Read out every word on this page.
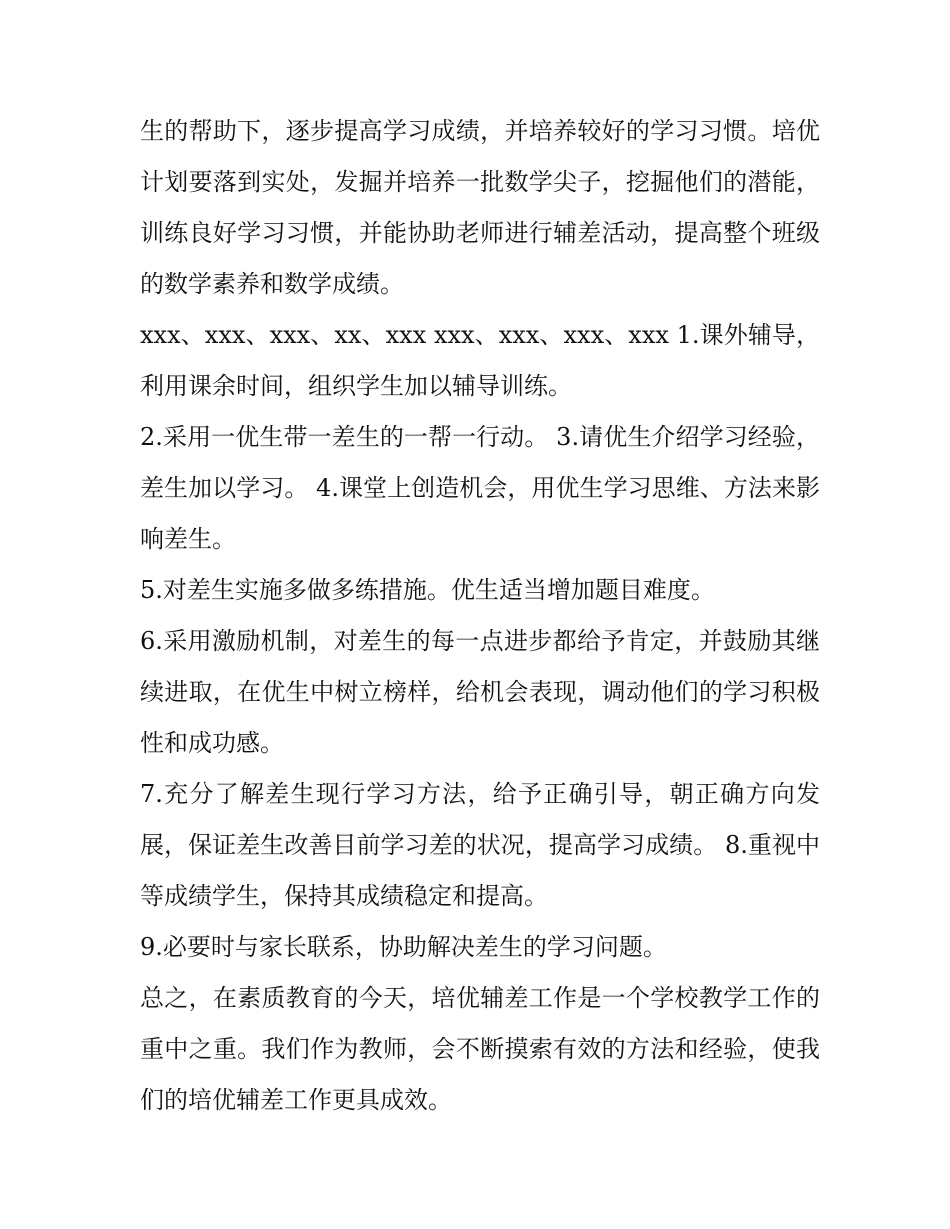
生的帮助下，逐步提高学习成绩，并培养较好的学习习惯。培优计划要落到实处，发掘并培养一批数学尖子，挖掘他们的潜能，训练良好学习习惯，并能协助老师进行辅差活动，提高整个班级的数学素养和数学成绩。

xxx、xxx、xxx、xx、xxx xxx、xxx、xxx、xxx 1.课外辅导，利用课余时间，组织学生加以辅导训练。

2.采用一优生带一差生的一帮一行动。 3.请优生介绍学习经验，差生加以学习。 4.课堂上创造机会，用优生学习思维、方法来影响差生。

5.对差生实施多做多练措施。优生适当增加题目难度。

6.采用激励机制，对差生的每一点进步都给予肯定，并鼓励其继续进取，在优生中树立榜样，给机会表现，调动他们的学习积极性和成功感。

7.充分了解差生现行学习方法，给予正确引导，朝正确方向发展，保证差生改善目前学习差的状况，提高学习成绩。 8.重视中等成绩学生，保持其成绩稳定和提高。

9.必要时与家长联系，协助解决差生的学习问题。

总之，在素质教育的今天，培优辅差工作是一个学校教学工作的重中之重。我们作为教师，会不断摸索有效的方法和经验，使我们的培优辅差工作更具成效。
